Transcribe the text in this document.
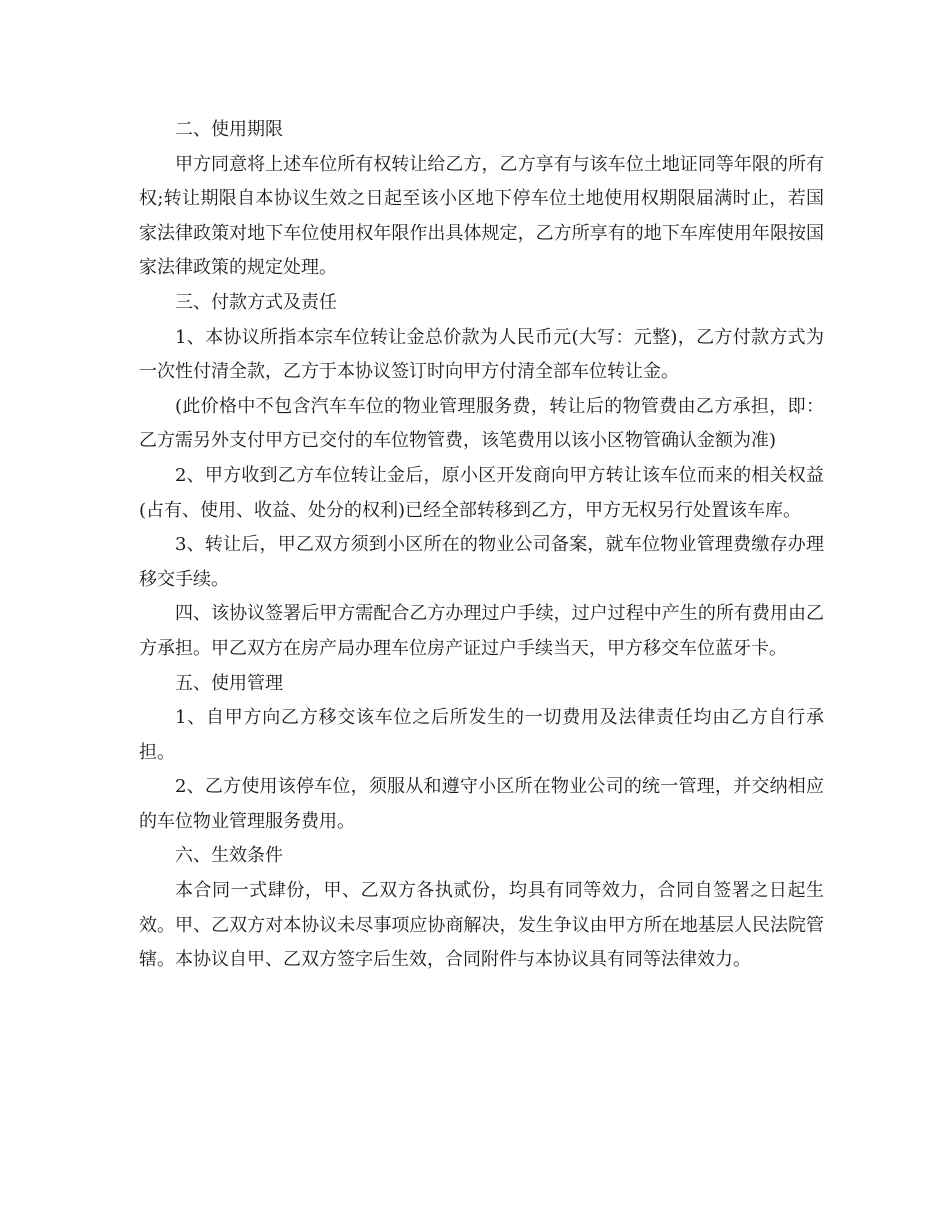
二、使用期限

甲方同意将上述车位所有权转让给乙方，乙方享有与该车位土地证同等年限的所有权;转让期限自本协议生效之日起至该小区地下停车位土地使用权期限届满时止，若国家法律政策对地下车位使用权年限作出具体规定，乙方所享有的地下车库使用年限按国家法律政策的规定处理。

三、付款方式及责任

1、本协议所指本宗车位转让金总价款为人民币元(大写：元整)，乙方付款方式为一次性付清全款，乙方于本协议签订时向甲方付清全部车位转让金。

(此价格中不包含汽车车位的物业管理服务费，转让后的物管费由乙方承担，即：乙方需另外支付甲方已交付的车位物管费，该笔费用以该小区物管确认金额为准)

2、甲方收到乙方车位转让金后，原小区开发商向甲方转让该车位而来的相关权益(占有、使用、收益、处分的权利)已经全部转移到乙方，甲方无权另行处置该车库。

3、转让后，甲乙双方须到小区所在的物业公司备案，就车位物业管理费缴存办理移交手续。

四、该协议签署后甲方需配合乙方办理过户手续，过户过程中产生的所有费用由乙方承担。甲乙双方在房产局办理车位房产证过户手续当天，甲方移交车位蓝牙卡。

五、使用管理

1、自甲方向乙方移交该车位之后所发生的一切费用及法律责任均由乙方自行承担。

2、乙方使用该停车位，须服从和遵守小区所在物业公司的统一管理，并交纳相应的车位物业管理服务费用。

六、生效条件

本合同一式肆份，甲、乙双方各执贰份，均具有同等效力，合同自签署之日起生效。甲、乙双方对本协议未尽事项应协商解决，发生争议由甲方所在地基层人民法院管辖。本协议自甲、乙双方签字后生效，合同附件与本协议具有同等法律效力。
